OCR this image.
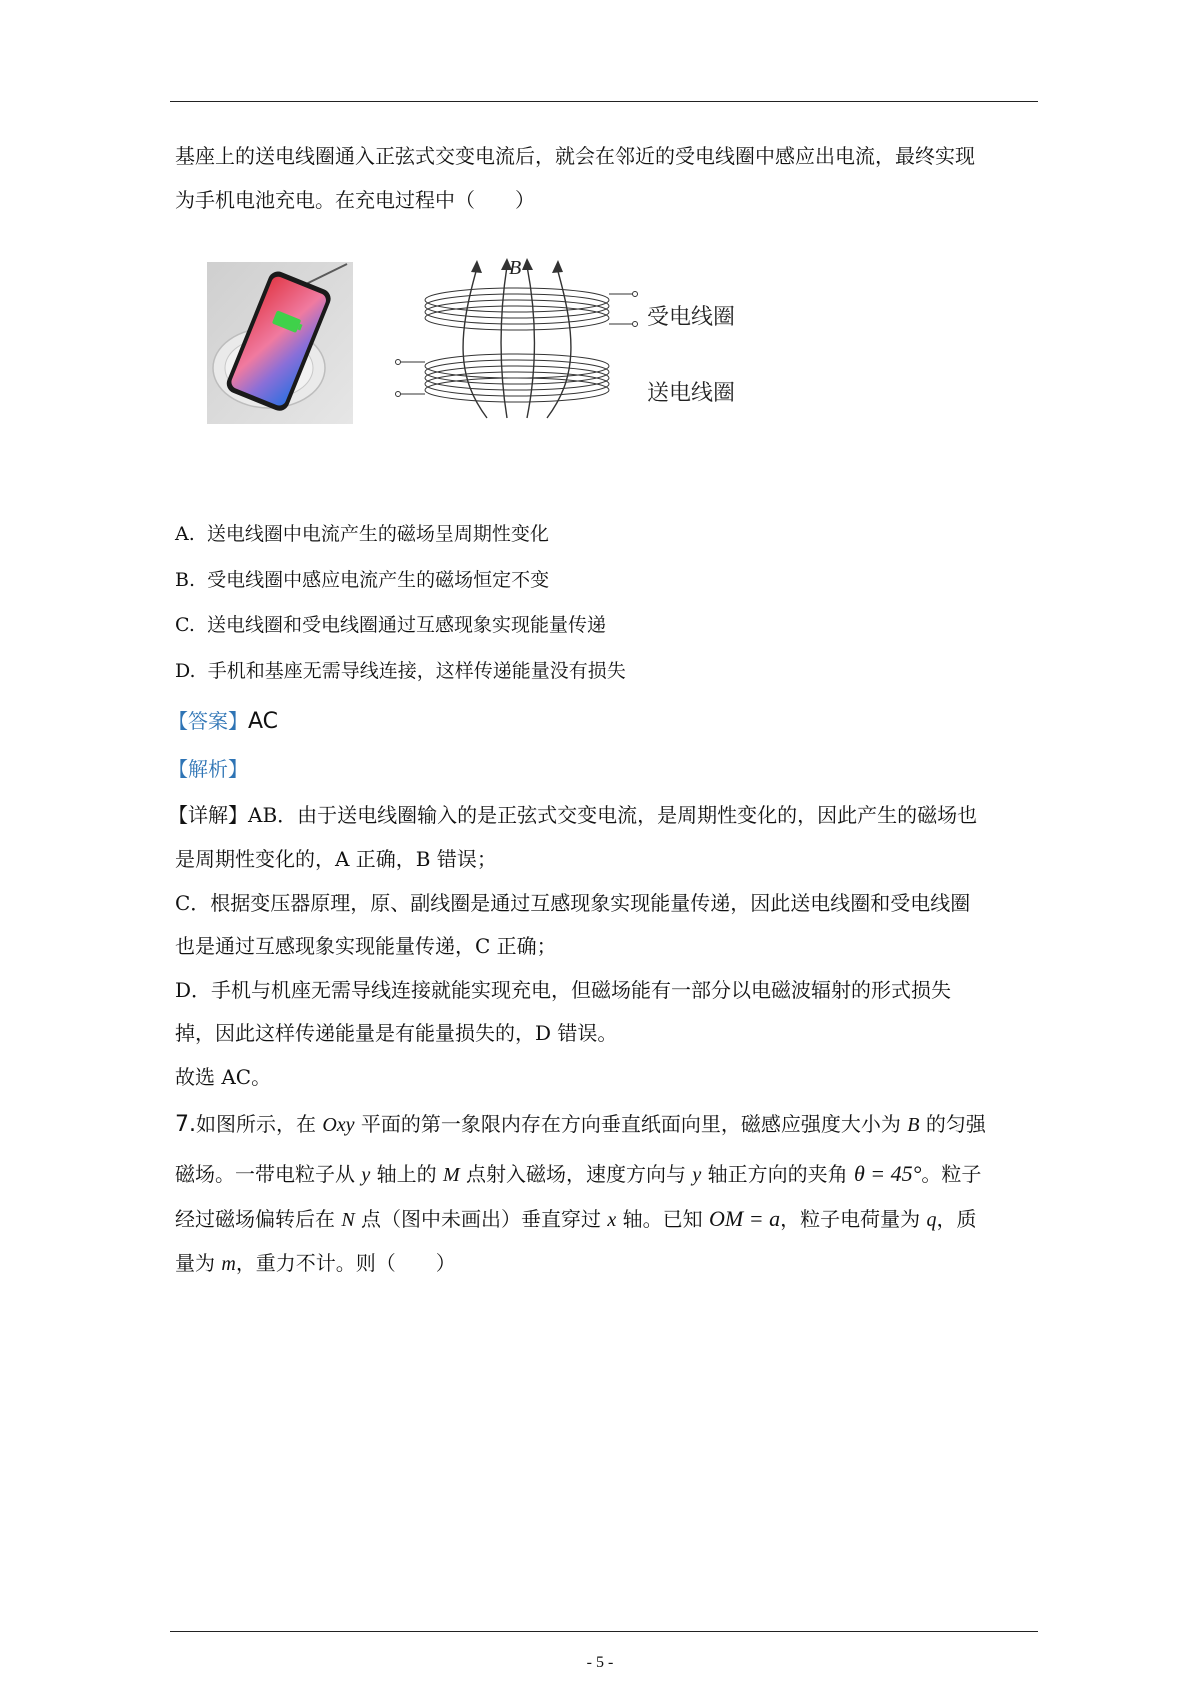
基座上的送电线圈通入正弦式交变电流后，就会在邻近的受电线圈中感应出电流，最终实现
为手机电池充电。在充电过程中（　　）
B
受电线圈
送电线圈
A. 送电线圈中电流产生的磁场呈周期性变化
B. 受电线圈中感应电流产生的磁场恒定不变
C. 送电线圈和受电线圈通过互感现象实现能量传递
D. 手机和基座无需导线连接，这样传递能量没有损失
【答案】AC
【解析】
【详解】AB．由于送电线圈输入的是正弦式交变电流，是周期性变化的，因此产生的磁场也
是周期性变化的，A 正确，B 错误；
C．根据变压器原理，原、副线圈是通过互感现象实现能量传递，因此送电线圈和受电线圈
也是通过互感现象实现能量传递，C 正确；
D．手机与机座无需导线连接就能实现充电，但磁场能有一部分以电磁波辐射的形式损失
掉，因此这样传递能量是有能量损失的，D 错误。
故选 AC。
7.如图所示，在 Oxy 平面的第一象限内存在方向垂直纸面向里，磁感应强度大小为 B 的匀强
磁场。一带电粒子从 y 轴上的 M 点射入磁场，速度方向与 y 轴正方向的夹角 θ = 45°。粒子
经过磁场偏转后在 N 点（图中未画出）垂直穿过 x 轴。已知 OM = a，粒子电荷量为 q，质
量为 m，重力不计。则（　　）
- 5 -
